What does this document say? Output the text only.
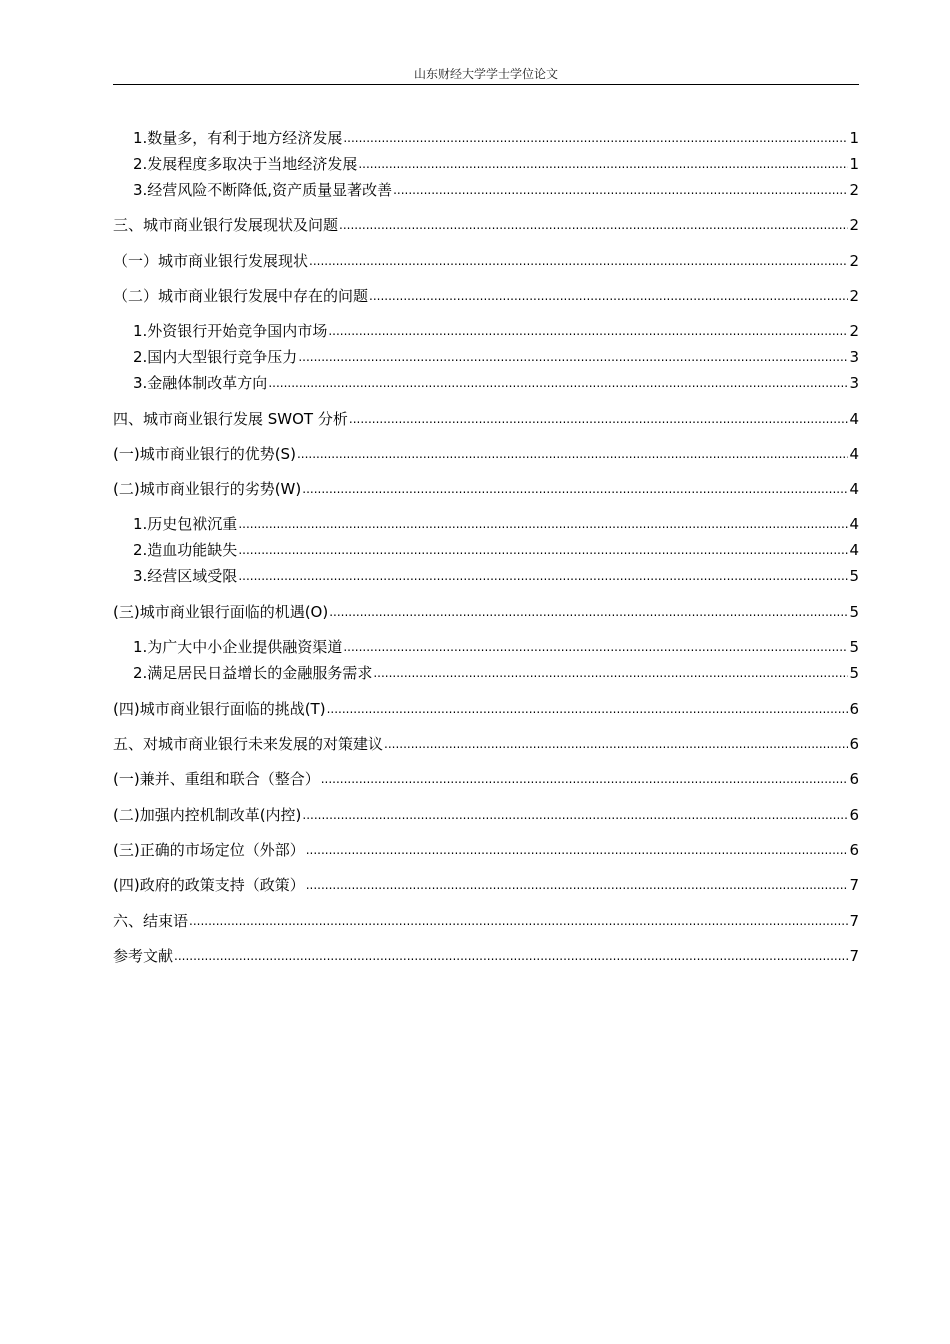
山东财经大学学士学位论文
1.数量多，有利于地方经济发展 .....	1
2.发展程度多取决于当地经济发展 .....	1
3.经营风险不断降低,资产质量显著改善 .....	2
三、城市商业银行发展现状及问题 .....	2
（一）城市商业银行发展现状 .....	2
（二）城市商业银行发展中存在的问题 .....	2
1.外资银行开始竞争国内市场 .....	2
2.国内大型银行竞争压力 .....	3
3.金融体制改革方向 .....	3
四、城市商业银行发展 SWOT 分析 .....	4
(一)城市商业银行的优势(S) .....	4
(二)城市商业银行的劣势(W) .....	4
1.历史包袱沉重 .....	4
2.造血功能缺失 .....	4
3.经营区域受限 .....	5
(三)城市商业银行面临的机遇(O) .....	5
1.为广大中小企业提供融资渠道 .....	5
2.满足居民日益增长的金融服务需求 .....	5
(四)城市商业银行面临的挑战(T) .....	6
五、对城市商业银行未来发展的对策建议 .....	6
(一)兼并、重组和联合（整合） .....	6
(二)加强内控机制改革(内控) .....	6
(三)正确的市场定位（外部） .....	6
(四)政府的政策支持（政策） .....	7
六、结束语 .....	7
参考文献 .....	7
